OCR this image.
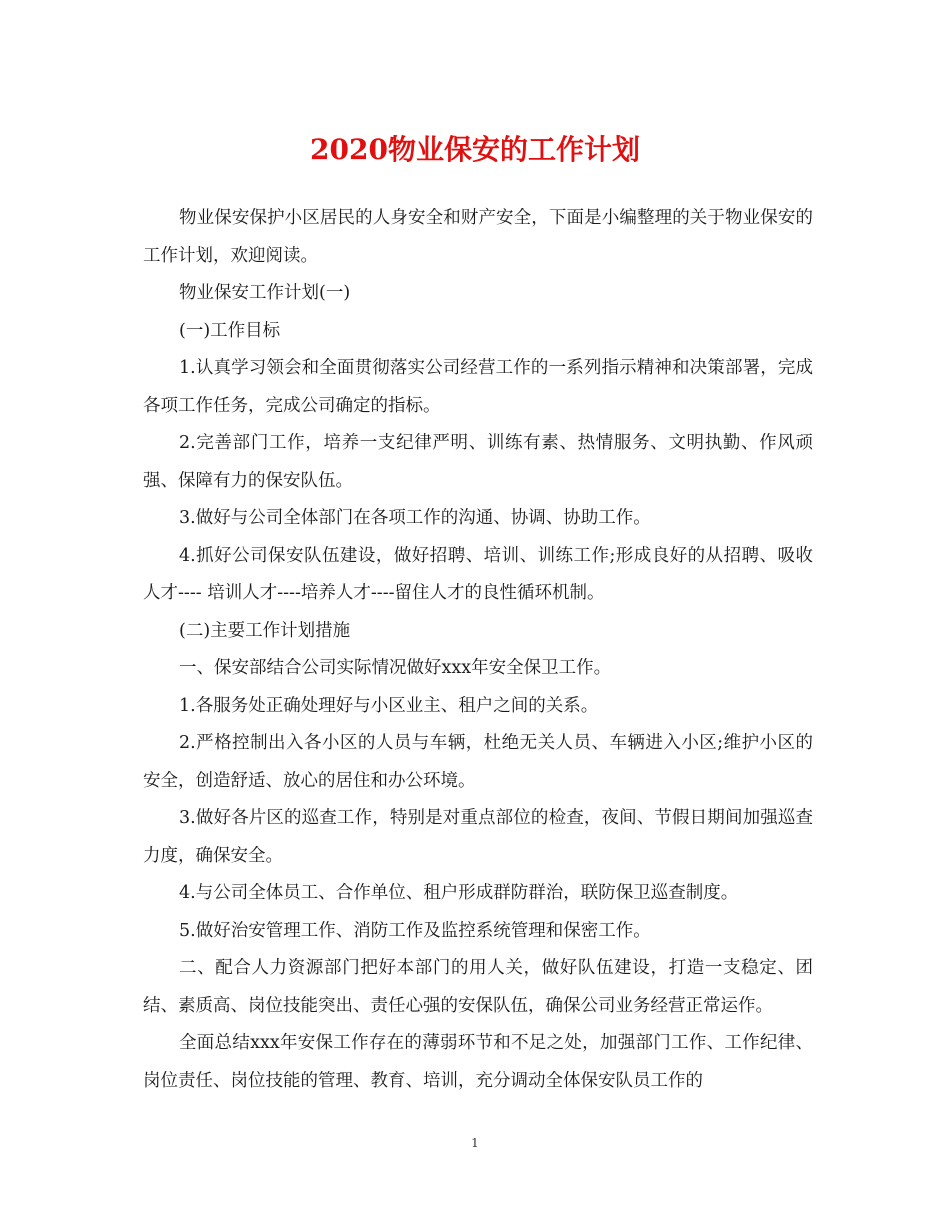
2020物业保安的工作计划

物业保安保护小区居民的人身安全和财产安全，下面是小编整理的关于物业保安的工作计划，欢迎阅读。

物业保安工作计划(一)

(一)工作目标

1.认真学习领会和全面贯彻落实公司经营工作的一系列指示精神和决策部署，完成各项工作任务，完成公司确定的指标。

2.完善部门工作，培养一支纪律严明、训练有素、热情服务、文明执勤、作风顽强、保障有力的保安队伍。

3.做好与公司全体部门在各项工作的沟通、协调、协助工作。

4.抓好公司保安队伍建设，做好招聘、培训、训练工作;形成良好的从招聘、吸收人才---- 培训人才----培养人才----留住人才的良性循环机制。

(二)主要工作计划措施

一、保安部结合公司实际情况做好xxx年安全保卫工作。

1.各服务处正确处理好与小区业主、租户之间的关系。

2.严格控制出入各小区的人员与车辆，杜绝无关人员、车辆进入小区;维护小区的安全，创造舒适、放心的居住和办公环境。

3.做好各片区的巡查工作，特别是对重点部位的检查，夜间、节假日期间加强巡查力度，确保安全。

4.与公司全体员工、合作单位、租户形成群防群治，联防保卫巡查制度。

5.做好治安管理工作、消防工作及监控系统管理和保密工作。

二、配合人力资源部门把好本部门的用人关，做好队伍建设，打造一支稳定、团结、素质高、岗位技能突出、责任心强的安保队伍，确保公司业务经营正常运作。

全面总结xxx年安保工作存在的薄弱环节和不足之处，加强部门工作、工作纪律、岗位责任、岗位技能的管理、教育、培训，充分调动全体保安队员工作的

1
